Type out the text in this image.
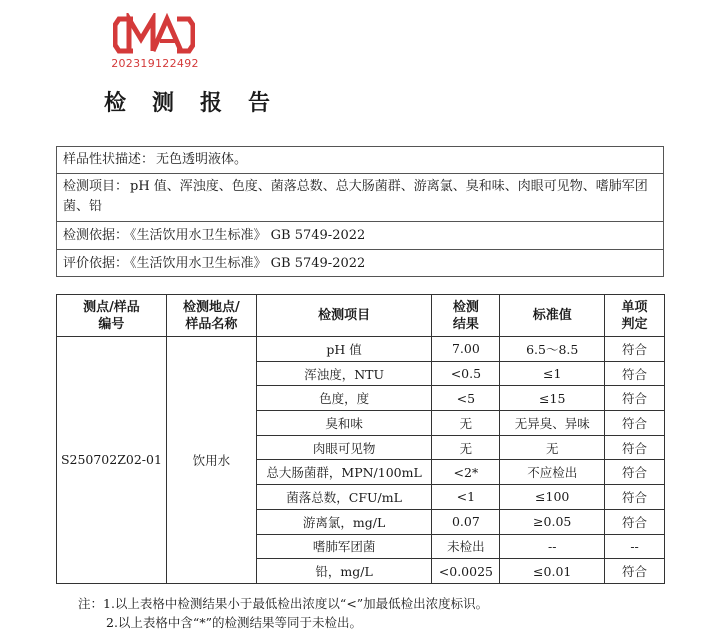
202319122492
检测报告
样品性状描述： 无色透明液体。
检测项目： pH 值、浑浊度、色度、菌落总数、总大肠菌群、游离氯、臭和味、肉眼可见物、嗜肺军团菌、铅
检测依据： 《生活饮用水卫生标准》 GB 5749-2022
评价依据： 《生活饮用水卫生标准》 GB 5749-2022
测点/样品编号	检测地点/样品名称	检测项目	检测结果	标准值	单项判定

S250702Z02-01	饮用水	pH 值	7.00	6.5～8.5	符合
		浑浊度，NTU	<0.5	≤1	符合
		色度，度	<5	≤15	符合
		臭和味	无	无异臭、异味	符合
		肉眼可见物	无	无	符合
		总大肠菌群，MPN/100mL	<2*	不应检出	符合
		菌落总数，CFU/mL	<1	≤100	符合
		游离氯，mg/L	0.07	≥0.05	符合
		嗜肺军团菌	未检出	--	--
		铅，mg/L	<0.0025	≤0.01	符合
注：1.以上表格中检测结果小于最低检出浓度以“<”加最低检出浓度标识。
2.以上表格中含“*”的检测结果等同于未检出。
